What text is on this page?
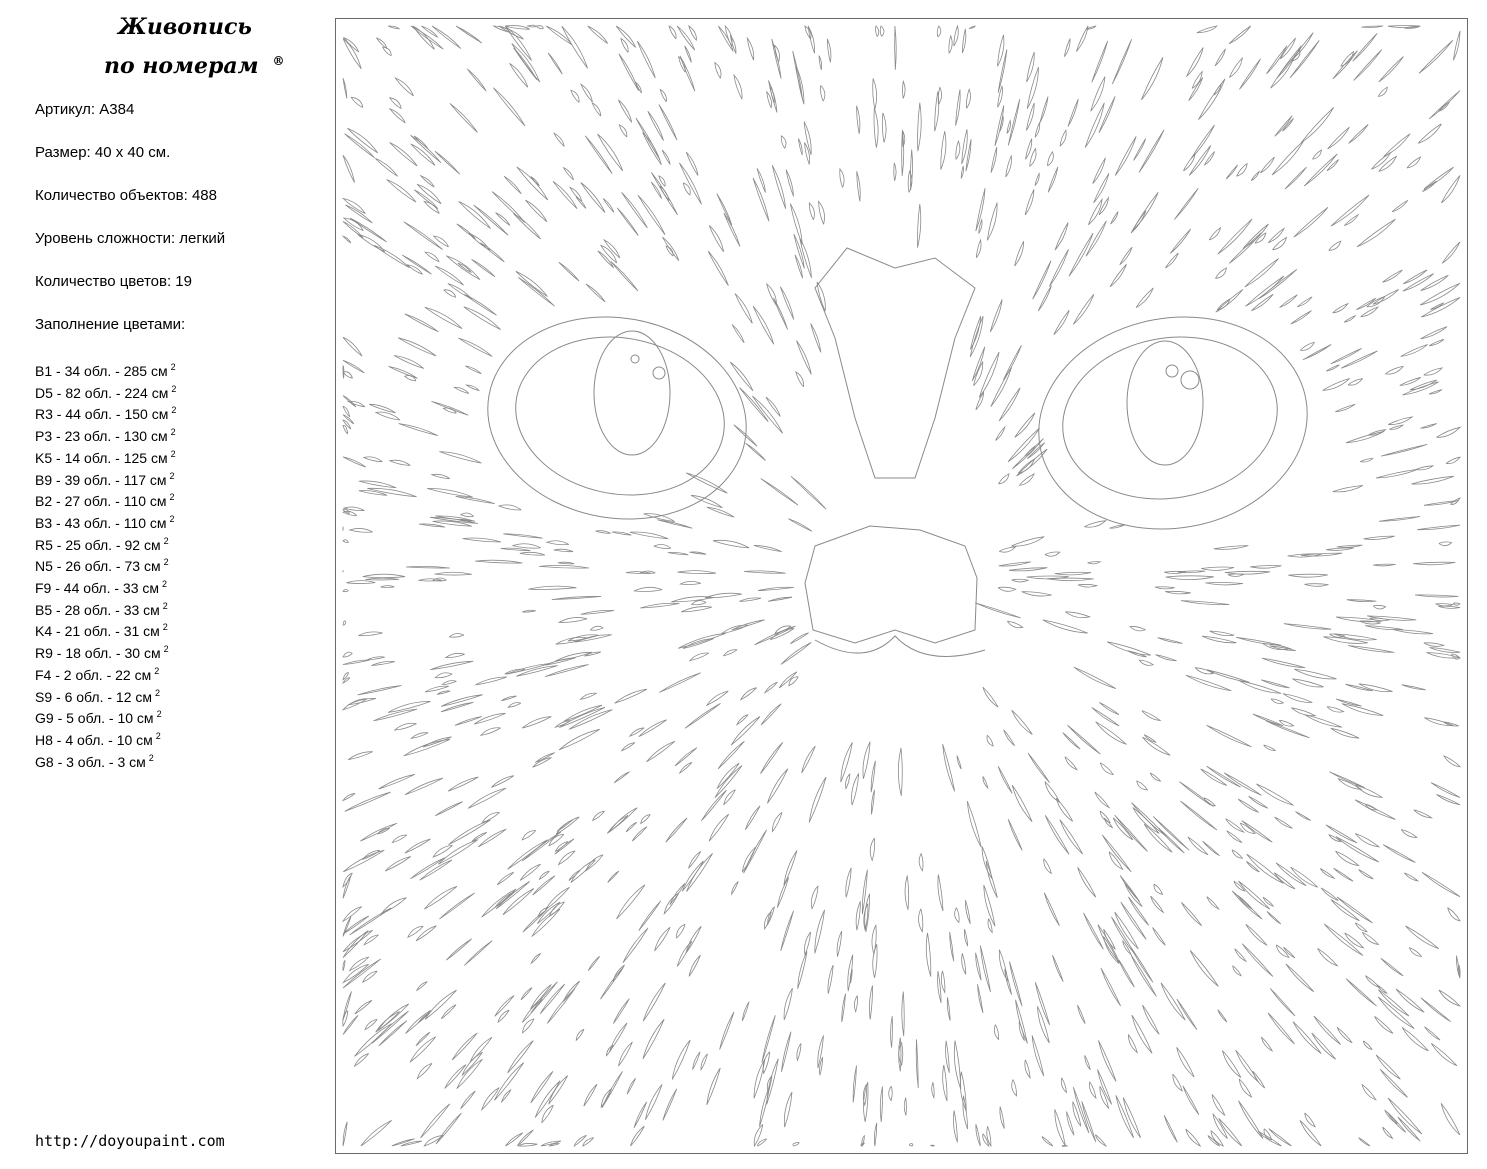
Живопись
по номерам ®
Артикул: A384
Размер: 40 х 40 см.
Количество объектов: 488
Уровень сложности: легкий
Количество цветов: 19
Заполнение цветами:
B1 - 34 обл. - 285 см $^2$
D5 - 82 обл. - 224 см $^2$
R3 - 44 обл. - 150 см $^2$
P3 - 23 обл. - 130 см $^2$
K5 - 14 обл. - 125 см $^2$
B9 - 39 обл. - 117 см $^2$
B2 - 27 обл. - 110 см $^2$
B3 - 43 обл. - 110 см $^2$
R5 - 25 обл. - 92 см $^2$
N5 - 26 обл. - 73 см $^2$
F9 - 44 обл. - 33 см $^2$
B5 - 28 обл. - 33 см $^2$
K4 - 21 обл. - 31 см $^2$
R9 - 18 обл. - 30 см $^2$
F4 - 2 обл. - 22 см $^2$
S9 - 6 обл. - 12 см $^2$
G9 - 5 обл. - 10 см $^2$
H8 - 4 обл. - 10 см $^2$
G8 - 3 обл. - 3 см $^2$
http://doyoupaint.com
